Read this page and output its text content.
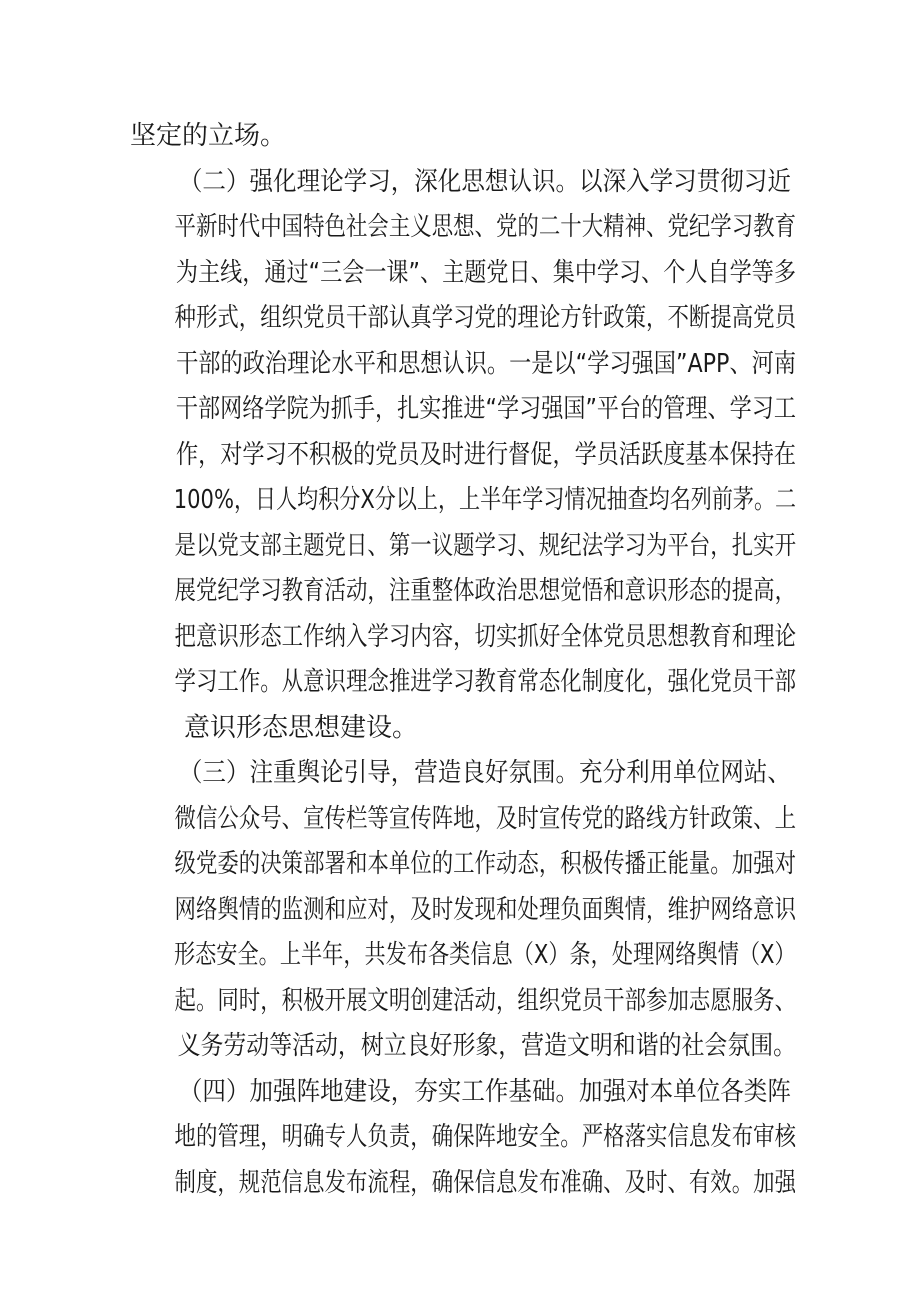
坚定的立场。
（二）强化理论学习，深化思想认识。以深入学习贯彻习近
平新时代中国特色社会主义思想、党的二十大精神、党纪学习教育
为主线，通过“三会一课”、主题党日、集中学习、个人自学等多
种形式，组织党员干部认真学习党的理论方针政策，不断提高党员
干部的政治理论水平和思想认识。一是以“学习强国”APP、河南
干部网络学院为抓手，扎实推进“学习强国”平台的管理、学习工
作，对学习不积极的党员及时进行督促，学员活跃度基本保持在
100%，日人均积分X分以上，上半年学习情况抽查均名列前茅。二
是以党支部主题党日、第一议题学习、规纪法学习为平台，扎实开
展党纪学习教育活动，注重整体政治思想觉悟和意识形态的提高，
把意识形态工作纳入学习内容，切实抓好全体党员思想教育和理论
学习工作。从意识理念推进学习教育常态化制度化，强化党员干部
意识形态思想建设。
（三）注重舆论引导，营造良好氛围。充分利用单位网站、
微信公众号、宣传栏等宣传阵地，及时宣传党的路线方针政策、上
级党委的决策部署和本单位的工作动态，积极传播正能量。加强对
网络舆情的监测和应对，及时发现和处理负面舆情，维护网络意识
形态安全。上半年，共发布各类信息（X）条，处理网络舆情（X）
起。同时，积极开展文明创建活动，组织党员干部参加志愿服务、
义务劳动等活动，树立良好形象，营造文明和谐的社会氛围。
（四）加强阵地建设，夯实工作基础。加强对本单位各类阵
地的管理，明确专人负责，确保阵地安全。严格落实信息发布审核
制度，规范信息发布流程，确保信息发布准确、及时、有效。加强
